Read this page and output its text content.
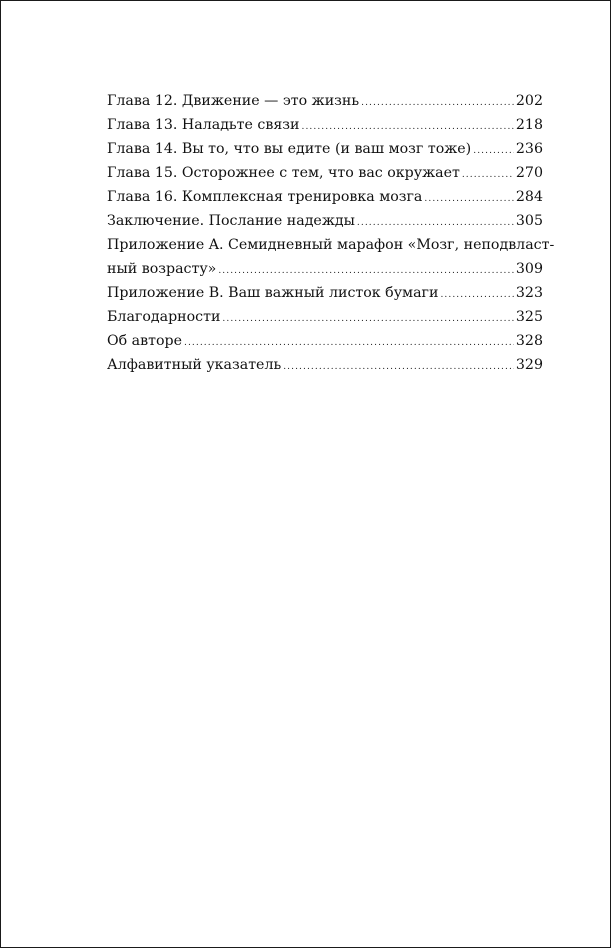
Глава 12. Движение — это жизнь .....	202
Глава 13. Наладьте связи .....	218
Глава 14. Вы то, что вы едите (и ваш мозг тоже) .....	236
Глава 15. Осторожнее с тем, что вас окружает .....	270
Глава 16. Комплексная тренировка мозга .....	284
Заключение. Послание надежды .....	305
Приложение A. Семидневный марафон «Мозг, неподвласт-
ный возрасту» .....	309
Приложение B. Ваш важный листок бумаги .....	323
Благодарности .....	325
Об авторе .....	328
Алфавитный указатель .....	329
